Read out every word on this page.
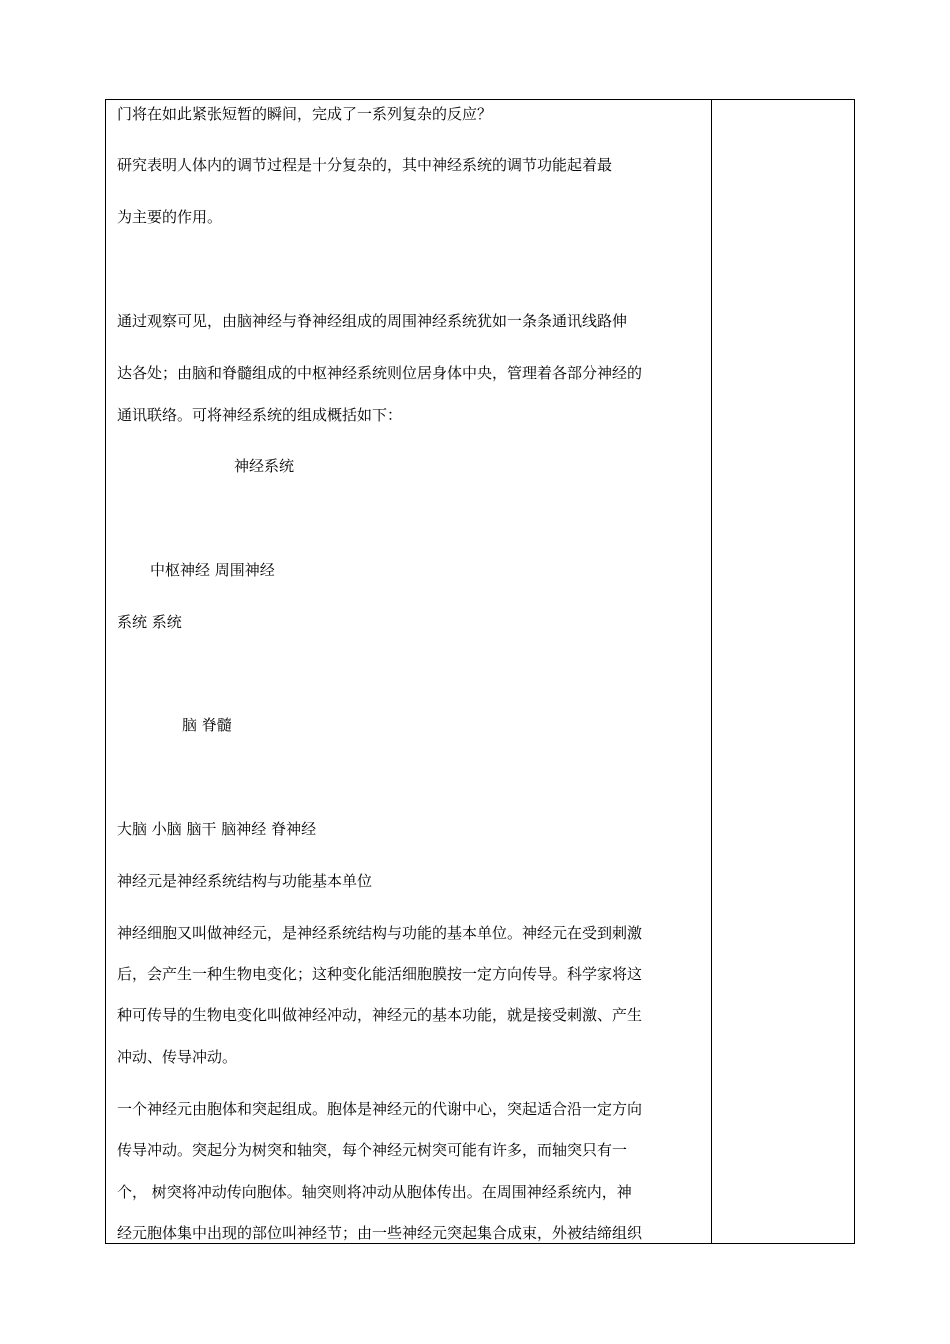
门将在如此紧张短暂的瞬间，完成了一系列复杂的反应？
研究表明人体内的调节过程是十分复杂的，其中神经系统的调节功能起着最
为主要的作用。
通过观察可见，由脑神经与脊神经组成的周围神经系统犹如一条条通讯线路伸
达各处；由脑和脊髓组成的中枢神经系统则位居身体中央，管理着各部分神经的
通讯联络。可将神经系统的组成概括如下：
神经系统
中枢神经 周围神经
系统 系统
脑 脊髓
大脑 小脑 脑干 脑神经 脊神经
神经元是神经系统结构与功能基本单位
神经细胞又叫做神经元，是神经系统结构与功能的基本单位。神经元在受到刺激
后，会产生一种生物电变化；这种变化能活细胞膜按一定方向传导。科学家将这
种可传导的生物电变化叫做神经冲动，神经元的基本功能，就是接受刺激、产生
冲动、传导冲动。
一个神经元由胞体和突起组成。胞体是神经元的代谢中心，突起适合沿一定方向
传导冲动。突起分为树突和轴突，每个神经元树突可能有许多，而轴突只有一
个， 树突将冲动传向胞体。轴突则将冲动从胞体传出。在周围神经系统内，神
经元胞体集中出现的部位叫神经节；由一些神经元突起集合成束，外被结缔组织
